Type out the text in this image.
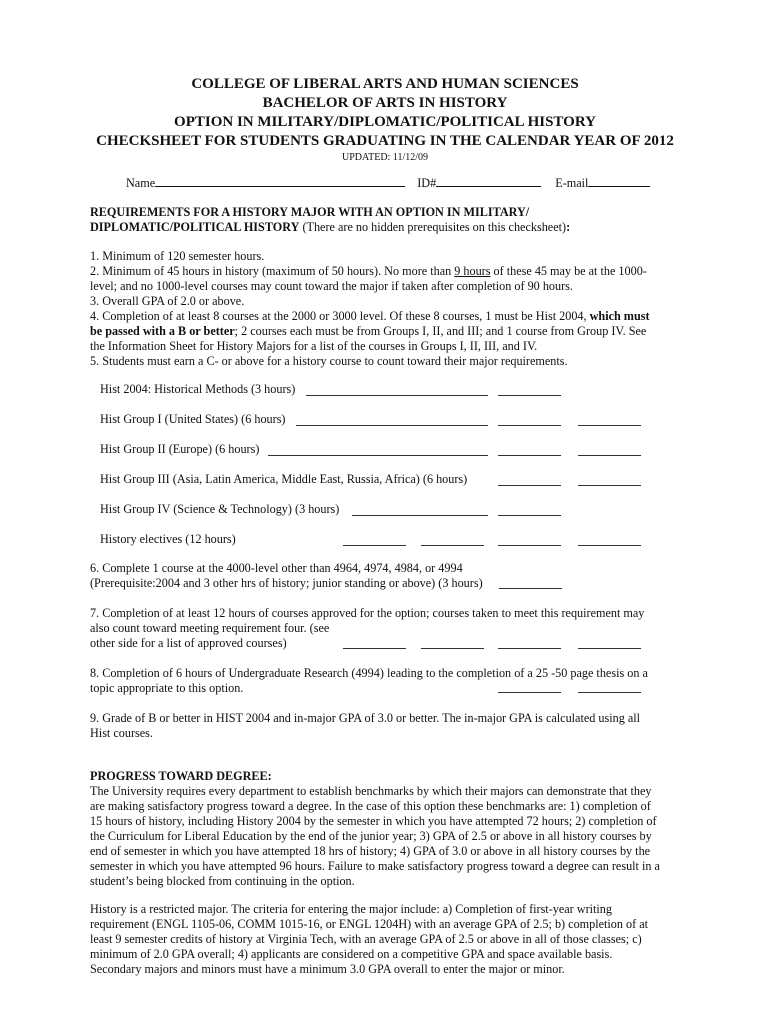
COLLEGE OF LIBERAL ARTS AND HUMAN SCIENCES
BACHELOR OF ARTS IN HISTORY
OPTION IN MILITARY/DIPLOMATIC/POLITICAL HISTORY
CHECKSHEET FOR STUDENTS GRADUATING IN THE CALENDAR YEAR OF 2012
UPDATED: 11/12/09
Name	ID#	E-mail
REQUIREMENTS FOR A HISTORY MAJOR WITH AN OPTION IN MILITARY/
DIPLOMATIC/POLITICAL HISTORY (There are no hidden prerequisites on this checksheet):
1. Minimum of 120 semester hours.
2. Minimum of 45 hours in history (maximum of 50 hours). No more than 9 hours of these 45 may be at the 1000-
level; and no 1000-level courses may count toward the major if taken after completion of 90 hours.
3. Overall GPA of 2.0 or above.
4. Completion of at least 8 courses at the 2000 or 3000 level. Of these 8 courses, 1 must be Hist 2004, which must
be passed with a B or better; 2 courses each must be from Groups I, II, and III; and 1 course from Group IV. See
the Information Sheet for History Majors for a list of the courses in Groups I, II, III, and IV.
5. Students must earn a C- or above for a history course to count toward their major requirements.
Hist 2004: Historical Methods (3 hours)
Hist Group I (United States) (6 hours)
Hist Group II (Europe) (6 hours)
Hist Group III (Asia, Latin America, Middle East, Russia, Africa) (6 hours)
Hist Group IV (Science & Technology) (3 hours)
History electives (12 hours)
6. Complete 1 course at the 4000-level other than 4964, 4974, 4984, or 4994
(Prerequisite:2004 and 3 other hrs of history; junior standing or above) (3 hours)
7. Completion of at least 12 hours of courses approved for the option; courses taken to meet this requirement may
also count toward meeting requirement four. (see
other side for a list of approved courses)
8. Completion of 6 hours of Undergraduate Research (4994) leading to the completion of a 25 -50 page thesis on a
topic appropriate to this option.
9. Grade of B or better in HIST 2004 and in-major GPA of 3.0 or better. The in-major GPA is calculated using all
Hist courses.
PROGRESS TOWARD DEGREE:
The University requires every department to establish benchmarks by which their majors can demonstrate that they
are making satisfactory progress toward a degree. In the case of this option these benchmarks are: 1) completion of
15 hours of history, including History 2004 by the semester in which you have attempted 72 hours; 2) completion of
the Curriculum for Liberal Education by the end of the junior year; 3) GPA of 2.5 or above in all history courses by
end of semester in which you have attempted 18 hrs of history; 4) GPA of 3.0 or above in all history courses by the
semester in which you have attempted 96 hours. Failure to make satisfactory progress toward a degree can result in a
student’s being blocked from continuing in the option.
History is a restricted major. The criteria for entering the major include: a) Completion of first-year writing
requirement (ENGL 1105-06, COMM 1015-16, or ENGL 1204H) with an average GPA of 2.5; b) completion of at
least 9 semester credits of history at Virginia Tech, with an average GPA of 2.5 or above in all of those classes; c)
minimum of 2.0 GPA overall; 4) applicants are considered on a competitive GPA and space available basis.
Secondary majors and minors must have a minimum 3.0 GPA overall to enter the major or minor.
